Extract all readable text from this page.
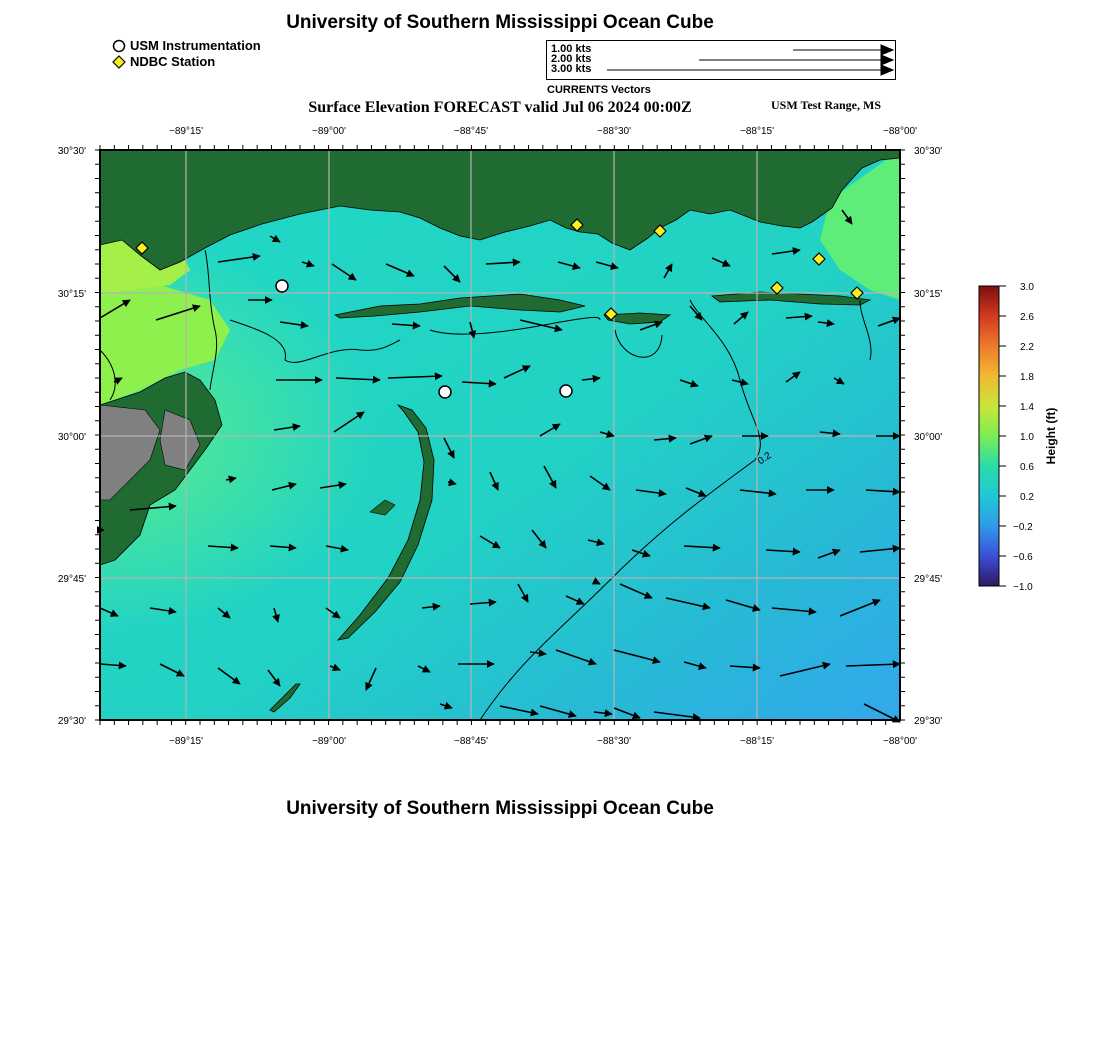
University of Southern Mississippi Ocean Cube
USM Instrumentation
NDBC Station
1.00 kts
2.00 kts
3.00 kts
CURRENTS Vectors
Surface Elevation FORECAST valid Jul 06 2024 00:00Z	USM Test Range, MS
0.2
−89°15'	−89°00'	−88°45'	−88°30'	−88°15'	−88°00'
−89°15'	−89°00'	−88°45'	−88°30'	−88°15'	−88°00'
30°30'
30°15'
30°00'
29°45'
29°30'
30°30'
30°15'
30°00'
29°45'
29°30'
3.0
2.6
2.2
1.8
1.4
1.0
0.6
0.2
−0.2
−0.6
−1.0
Height (ft)
University of Southern Mississippi Ocean Cube
